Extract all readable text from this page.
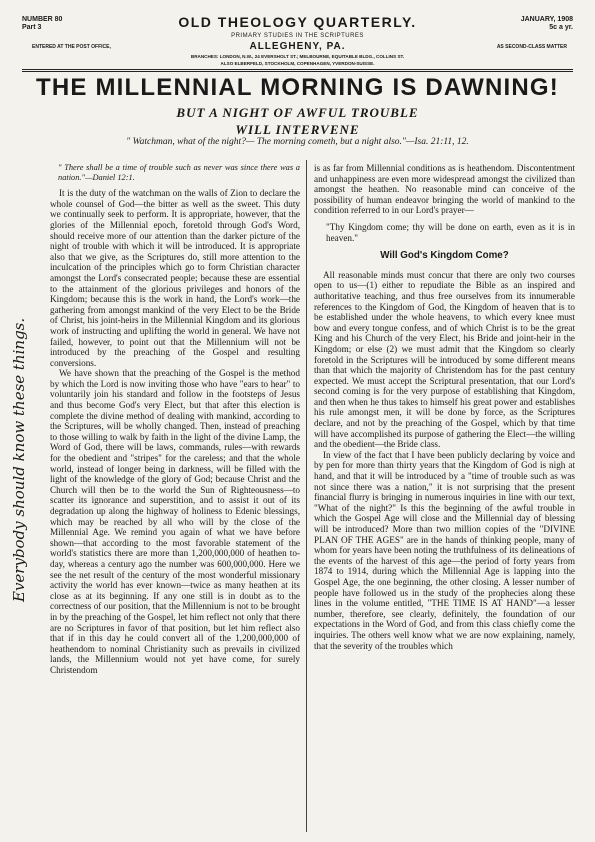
NUMBER 80
Part 3	OLD THEOLOGY QUARTERLY.	JANUARY, 1908
5c a yr.
PRIMARY STUDIES IN THE SCRIPTURES
ENTERED AT THE POST OFFICE,	ALLEGHENY, PA.	AS SECOND-CLASS MATTER
BRANCHES: LONDON, N.W., 24 EVERSHOLT ST.; MELBOURNE, EQUITABLE BLDG., COLLINS ST.
ALSO ELBERFELD, STOCKHOLM, COPENHAGEN, YVERDON-SUISSE.
THE MILLENNIAL MORNING IS DAWNING!
BUT A NIGHT OF AWFUL TROUBLE
WILL INTERVENE
" Watchman, what of the night?— The morning cometh, but a night also."—Isa. 21:11, 12.
Everybody should know these things.

" There shall be a time of trouble such as never was since there was a nation."—Daniel 12:1.

It is the duty of the watchman on the walls of Zion to declare the whole counsel of God—the bitter as well as the sweet. This duty we continually seek to perform. It is appropriate, however, that the glories of the Millennial epoch, foretold through God's Word, should receive more of our attention than the darker picture of the night of trouble with which it will be introduced. It is appropriate also that we give, as the Scriptures do, still more attention to the inculcation of the principles which go to form Christian character amongst the Lord's consecrated people; because these are essential to the attainment of the glorious privileges and honors of the Kingdom; because this is the work in hand, the Lord's work—the gathering from amongst mankind of the very Elect to be the Bride of Christ, his joint-heirs in the Millennial Kingdom and its glorious work of instructing and uplifting the world in general. We have not failed, however, to point out that the Millennium will not be introduced by the preaching of the Gospel and resulting conversions.

We have shown that the preaching of the Gospel is the method by which the Lord is now inviting those who have "ears to hear" to voluntarily join his standard and follow in the footsteps of Jesus and thus become God's very Elect, but that after this election is complete the divine method of dealing with mankind, according to the Scriptures, will be wholly changed. Then, instead of preaching to those willing to walk by faith in the light of the divine Lamp, the Word of God, there will be laws, commands, rules—with rewards for the obedient and "stripes" for the careless; and that the whole world, instead of longer being in darkness, will be filled with the light of the knowledge of the glory of God; because Christ and the Church will then be to the world the Sun of Righteousness—to scatter its ignorance and superstition, and to assist it out of its degradation up along the highway of holiness to Edenic blessings, which may be reached by all who will by the close of the Millennial Age. We remind you again of what we have before shown—that according to the most favorable statement of the world's statistics there are more than 1,200,000,000 of heathen to-day, whereas a century ago the number was 600,000,000. Here we see the net result of the century of the most wonderful missionary activity the world has ever known—twice as many heathen at its close as at its beginning. If any one still is in doubt as to the correctness of our position, that the Millennium is not to be brought in by the preaching of the Gospel, let him reflect not only that there are no Scriptures in favor of that position, but let him reflect also that if in this day he could convert all of the 1,200,000,000 of heathendom to nominal Christianity such as prevails in civilized lands, the Millennium would not yet have come, for surely Christendom

is as far from Millennial conditions as is heathendom. Discontentment and unhappiness are even more widespread amongst the civilized than amongst the heathen. No reasonable mind can conceive of the possibility of human endeavor bringing the world of mankind to the condition referred to in our Lord's prayer—

"Thy Kingdom come; thy will be done on earth, even as it is in heaven."

Will God's Kingdom Come?

All reasonable minds must concur that there are only two courses open to us—(1) either to repudiate the Bible as an inspired and authoritative teaching, and thus free ourselves from its innumerable references to the Kingdom of God, the Kingdom of heaven that is to be established under the whole heavens, to which every knee must bow and every tongue confess, and of which Christ is to be the great King and his Church of the very Elect, his Bride and joint-heir in the Kingdom; or else (2) we must admit that the Kingdom so clearly foretold in the Scriptures will be introduced by some different means than that which the majority of Christendom has for the past century expected. We must accept the Scriptural presentation, that our Lord's second coming is for the very purpose of establishing that Kingdom, and then when he thus takes to himself his great power and establishes his rule amongst men, it will be done by force, as the Scriptures declare, and not by the preaching of the Gospel, which by that time will have accomplished its purpose of gathering the Elect—the willing and the obedient—the Bride class.

In view of the fact that I have been publicly declaring by voice and by pen for more than thirty years that the Kingdom of God is nigh at hand, and that it will be introduced by a "time of trouble such as was not since there was a nation," it is not surprising that the present financial flurry is bringing in numerous inquiries in line with our text, "What of the night?" Is this the beginning of the awful trouble in which the Gospel Age will close and the Millennial day of blessing will be introduced? More than two million copies of the "DIVINE PLAN OF THE AGES" are in the hands of thinking people, many of whom for years have been noting the truthfulness of its delineations of the events of the harvest of this age—the period of forty years from 1874 to 1914, during which the Millennial Age is lapping into the Gospel Age, the one beginning, the other closing. A lesser number of people have followed us in the study of the prophecies along these lines in the volume entitled, "THE TIME IS AT HAND"—a lesser number, therefore, see clearly, definitely, the foundation of our expectations in the Word of God, and from this class chiefly come the inquiries. The others well know what we are now explaining, namely, that the severity of the troubles which
